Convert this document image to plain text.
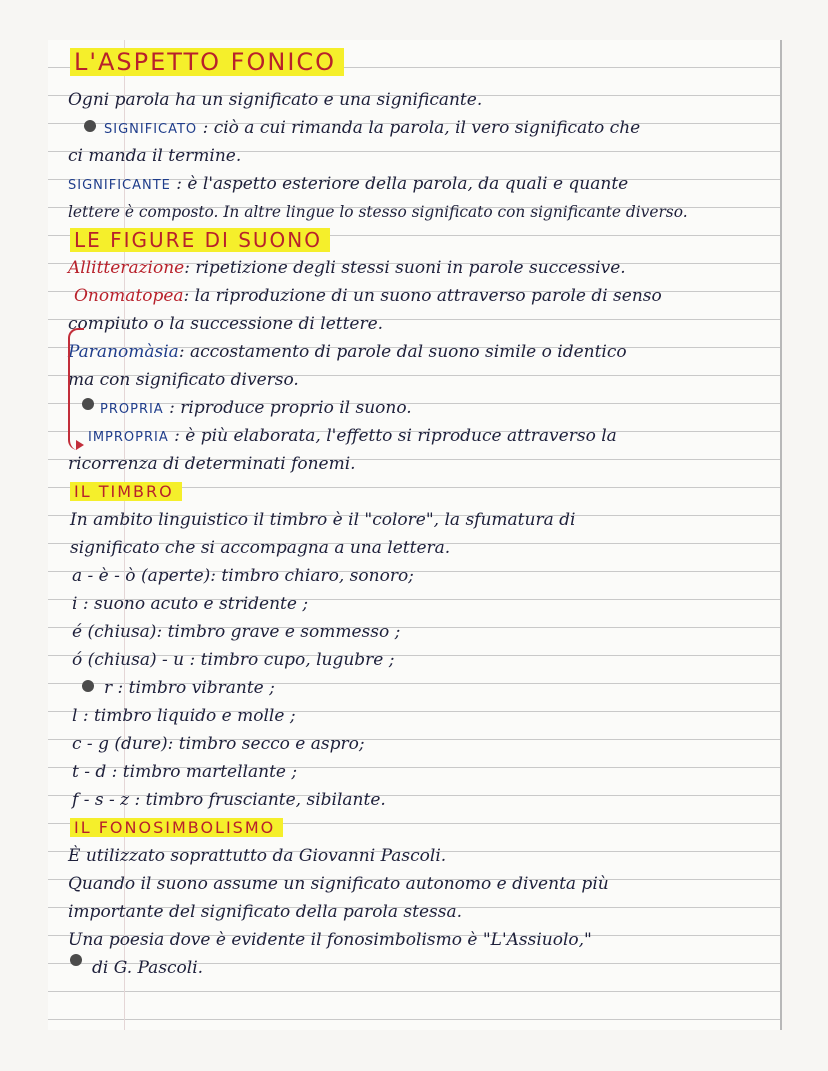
L'ASPETTO FONICO
Ogni parola ha un significato e una significante.
SIGNIFICATO : ciò a cui rimanda la parola, il vero significato che
ci manda il termine.
SIGNIFICANTE : è l'aspetto esteriore della parola, da quali e quante
lettere è composto. In altre lingue lo stesso significato con significante diverso.
LE FIGURE DI SUONO
Allitterazione: ripetizione degli stessi suoni in parole successive.
Onomatopea: la riproduzione di un suono attraverso parole di senso
compiuto o la successione di lettere.
Paranomàsia: accostamento di parole dal suono simile o identico
ma con significato diverso.
PROPRIA : riproduce proprio il suono.
IMPROPRIA : è più elaborata, l'effetto si riproduce attraverso la
ricorrenza di determinati fonemi.
IL TIMBRO
In ambito linguistico il timbro è il "colore", la sfumatura di
significato che si accompagna a una lettera.
a - è - ò (aperte): timbro chiaro, sonoro;
i : suono acuto e stridente ;
é (chiusa): timbro grave e sommesso ;
ó (chiusa) - u : timbro cupo, lugubre ;
r : timbro vibrante ;
l : timbro liquido e molle ;
c - g (dure): timbro secco e aspro;
t - d : timbro martellante ;
f - s - z : timbro frusciante, sibilante.
IL FONOSIMBOLISMO
È utilizzato soprattutto da Giovanni Pascoli.
Quando il suono assume un significato autonomo e diventa più
importante del significato della parola stessa.
Una poesia dove è evidente il fonosimbolismo è "L'Assiuolo,"
di G. Pascoli.
